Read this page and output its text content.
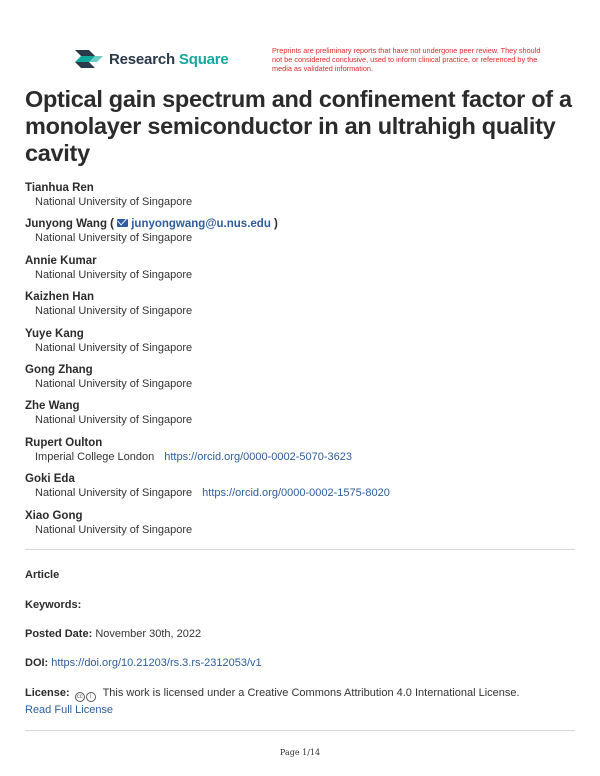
Research Square	Preprints are preliminary reports that have not undergone peer review. They should not be considered conclusive, used to inform clinical practice, or referenced by the media as validated information.
Optical gain spectrum and confinement factor of a monolayer semiconductor in an ultrahigh quality cavity
Tianhua Ren
National University of Singapore
Junyong Wang ( junyongwang@u.nus.edu )
National University of Singapore
Annie Kumar
National University of Singapore
Kaizhen Han
National University of Singapore
Yuye Kang
National University of Singapore
Gong Zhang
National University of Singapore
Zhe Wang
National University of Singapore
Rupert Oulton
Imperial College London https://orcid.org/0000-0002-5070-3623
Goki Eda
National University of Singapore https://orcid.org/0000-0002-1575-8020
Xiao Gong
National University of Singapore
Article
Keywords:
Posted Date: November 30th, 2022
DOI: https://doi.org/10.21203/rs.3.rs-2312053/v1
License: cc i This work is licensed under a Creative Commons Attribution 4.0 International License.
Read Full License
Page 1/14
